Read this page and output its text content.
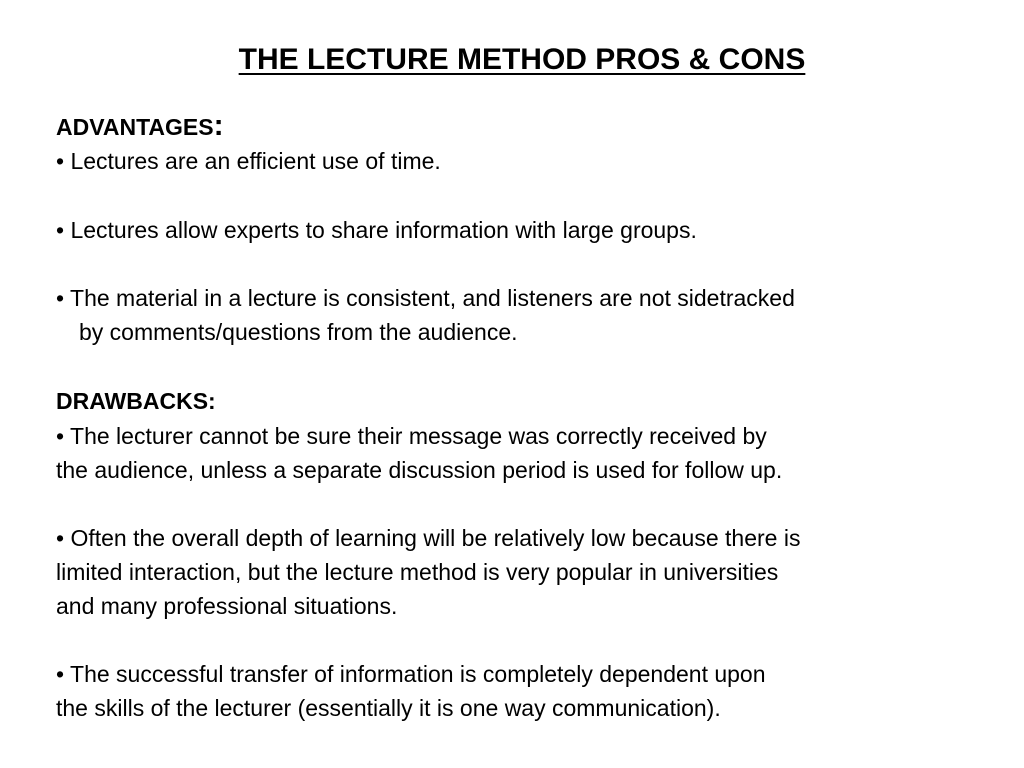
THE LECTURE METHOD PROS & CONS
ADVANTAGES:
• Lectures are an efficient use of time.
• Lectures allow experts to share information with large groups.
• The material in a lecture is consistent, and listeners are not sidetracked
by comments/questions from the audience.
DRAWBACKS:
• The lecturer cannot be sure their message was correctly received by
the audience, unless a separate discussion period is used for follow up.
• Often the overall depth of learning will be relatively low because there is
limited interaction, but the lecture method is very popular in universities
and many professional situations.
• The successful transfer of information is completely dependent upon
the skills of the lecturer (essentially it is one way communication).
